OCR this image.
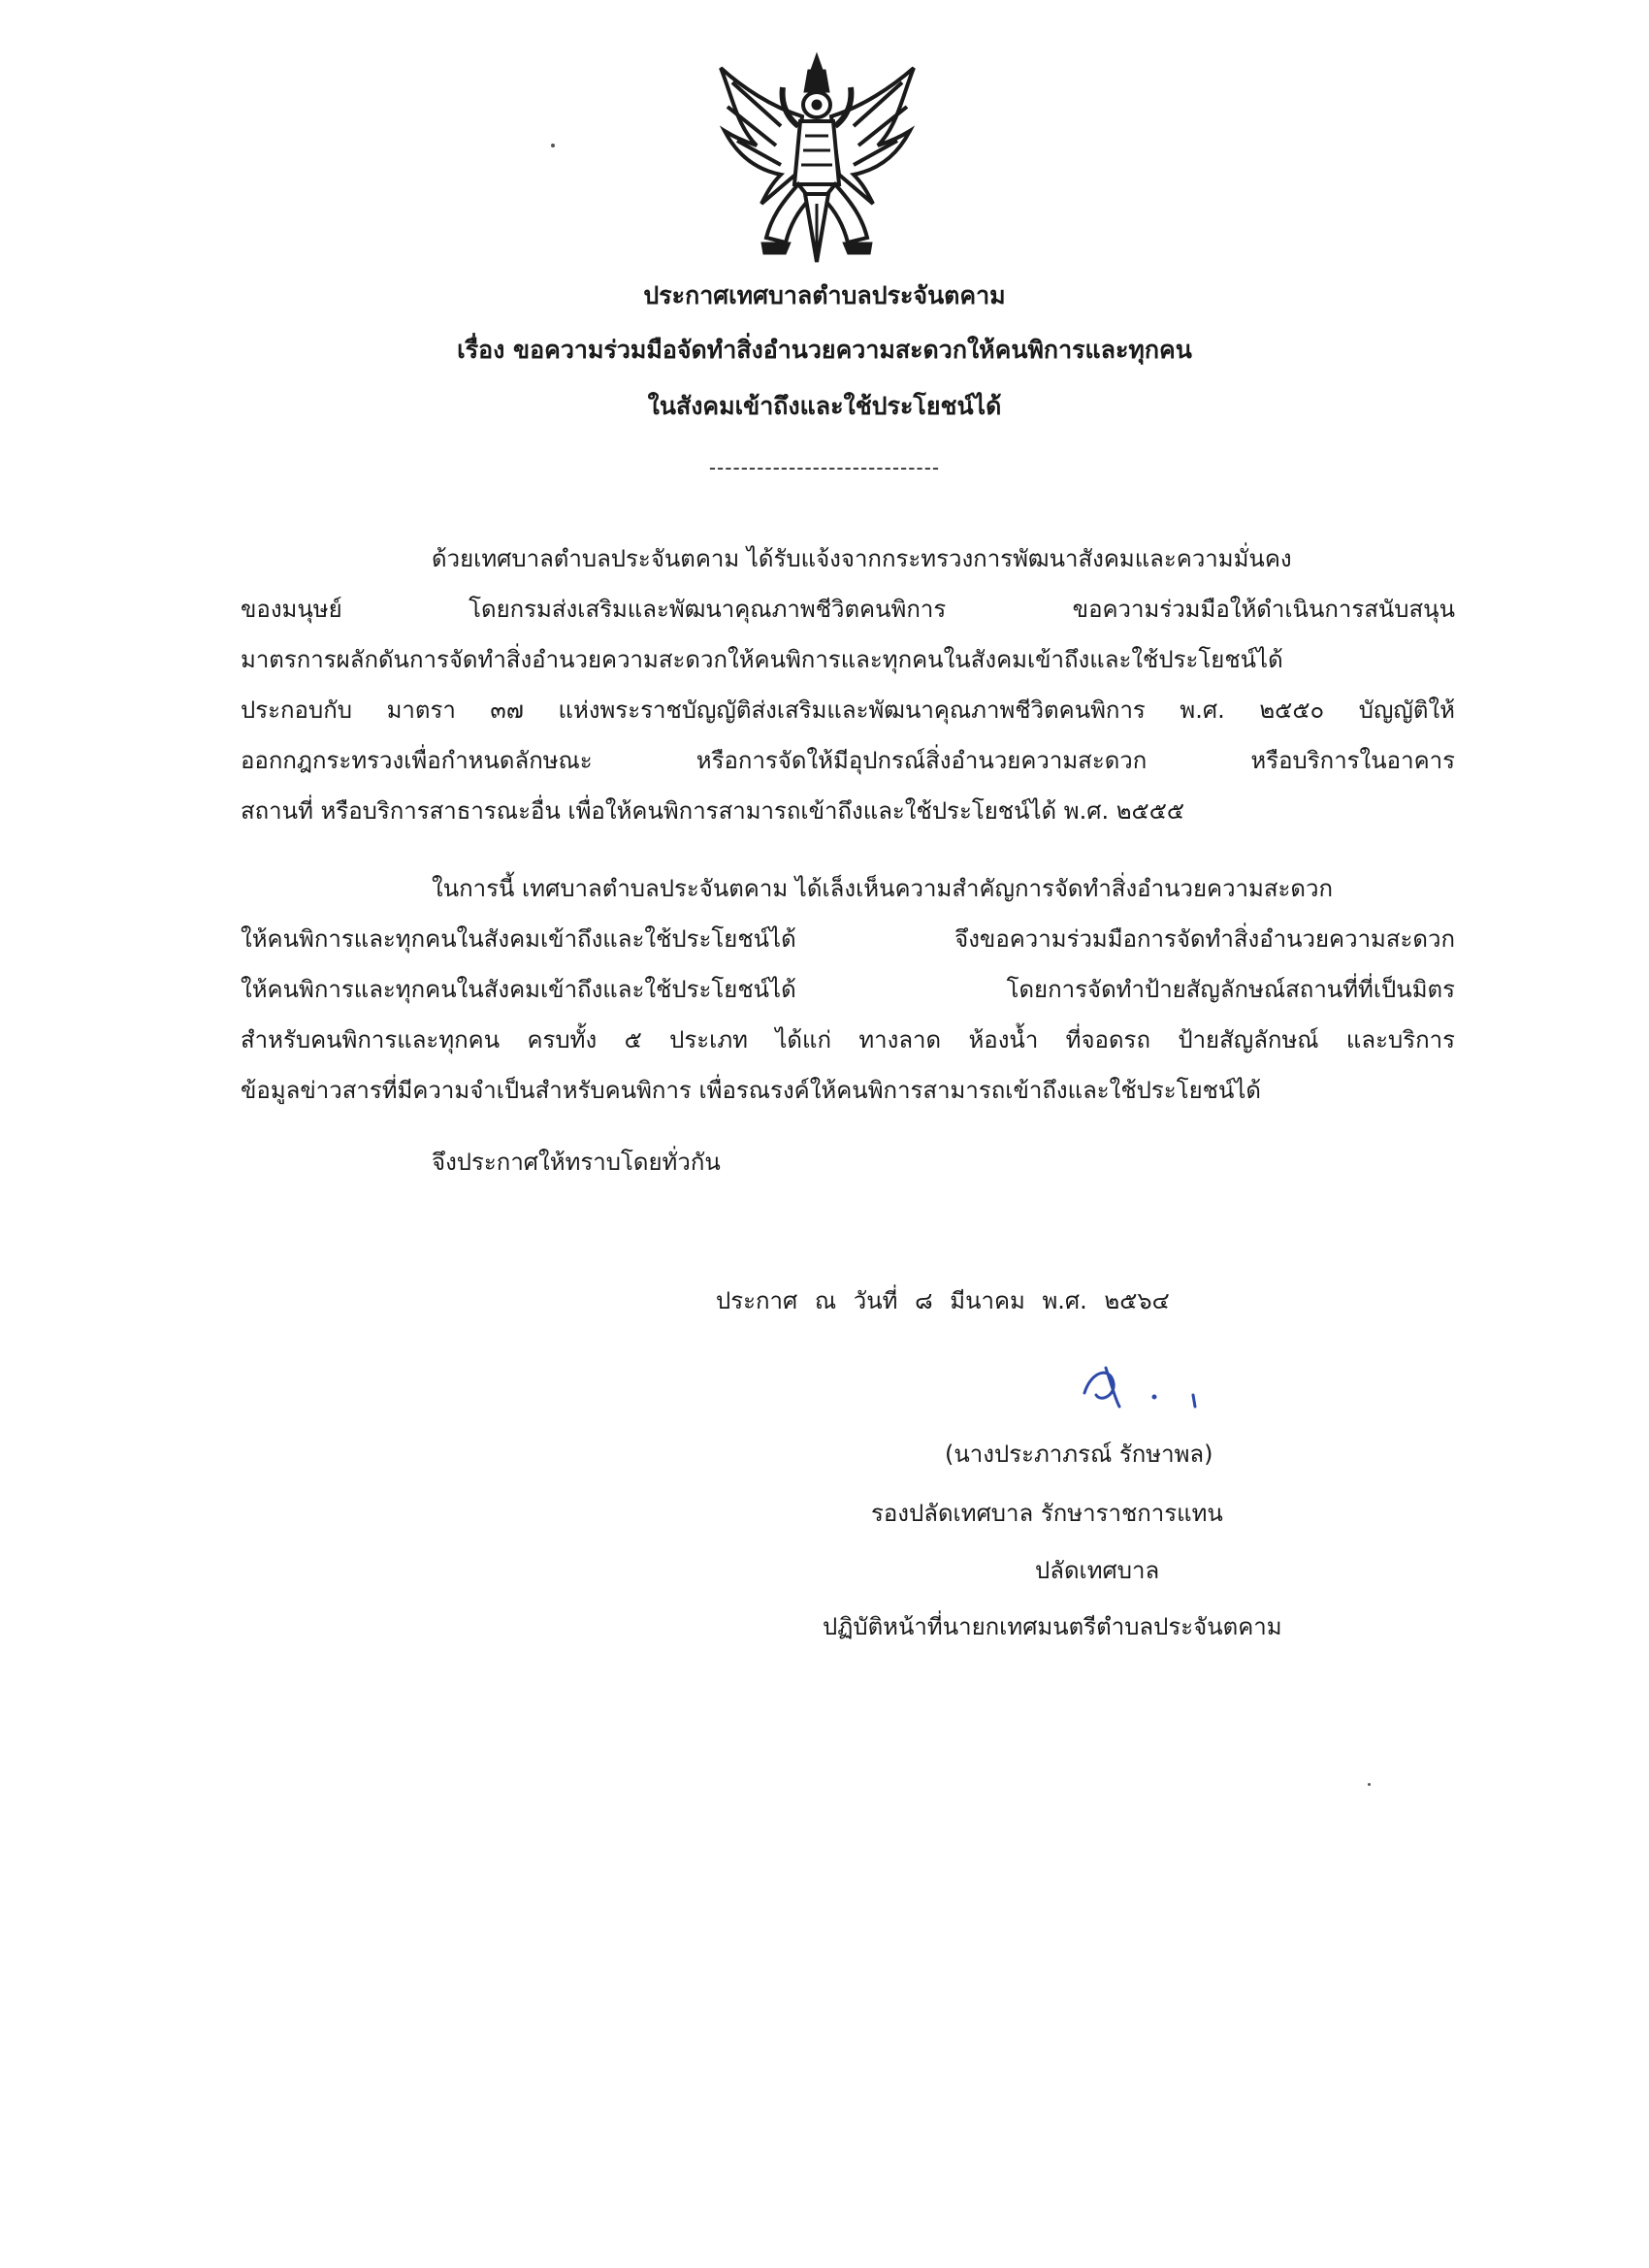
ประกาศเทศบาลตำบลประจันตคาม
เรื่อง ขอความร่วมมือจัดทำสิ่งอำนวยความสะดวกให้คนพิการและทุกคน
ในสังคมเข้าถึงและใช้ประโยชน์ได้
-----------------------------
ด้วยเทศบาลตำบลประจันตคาม ได้รับแจ้งจากกระทรวงการพัฒนาสังคมและความมั่นคง
ของมนุษย์ โดยกรมส่งเสริมและพัฒนาคุณภาพชีวิตคนพิการ ขอความร่วมมือให้ดำเนินการสนับสนุน
มาตรการผลักดันการจัดทำสิ่งอำนวยความสะดวกให้คนพิการและทุกคนในสังคมเข้าถึงและใช้ประโยชน์ได้
ประกอบกับ มาตรา ๓๗ แห่งพระราชบัญญัติส่งเสริมและพัฒนาคุณภาพชีวิตคนพิการ พ.ศ. ๒๕๕๐ บัญญัติให้
ออกกฎกระทรวงเพื่อกำหนดลักษณะ หรือการจัดให้มีอุปกรณ์สิ่งอำนวยความสะดวก หรือบริการในอาคาร
สถานที่ หรือบริการสาธารณะอื่น เพื่อให้คนพิการสามารถเข้าถึงและใช้ประโยชน์ได้ พ.ศ. ๒๕๕๕
ในการนี้ เทศบาลตำบลประจันตคาม ได้เล็งเห็นความสำคัญการจัดทำสิ่งอำนวยความสะดวก
ให้คนพิการและทุกคนในสังคมเข้าถึงและใช้ประโยชน์ได้ จึงขอความร่วมมือการจัดทำสิ่งอำนวยความสะดวก
ให้คนพิการและทุกคนในสังคมเข้าถึงและใช้ประโยชน์ได้ โดยการจัดทำป้ายสัญลักษณ์สถานที่ที่เป็นมิตร
สำหรับคนพิการและทุกคน ครบทั้ง ๕ ประเภท ได้แก่ ทางลาด ห้องน้ำ ที่จอดรถ ป้ายสัญลักษณ์ และบริการ
ข้อมูลข่าวสารที่มีความจำเป็นสำหรับคนพิการ เพื่อรณรงค์ให้คนพิการสามารถเข้าถึงและใช้ประโยชน์ได้
จึงประกาศให้ทราบโดยทั่วกัน
ประกาศ ณ วันที่ ๘ มีนาคม พ.ศ. ๒๕๖๔
(นางประภาภรณ์ รักษาพล)
รองปลัดเทศบาล รักษาราชการแทน
ปลัดเทศบาล
ปฏิบัติหน้าที่นายกเทศมนตรีตำบลประจันตคาม
